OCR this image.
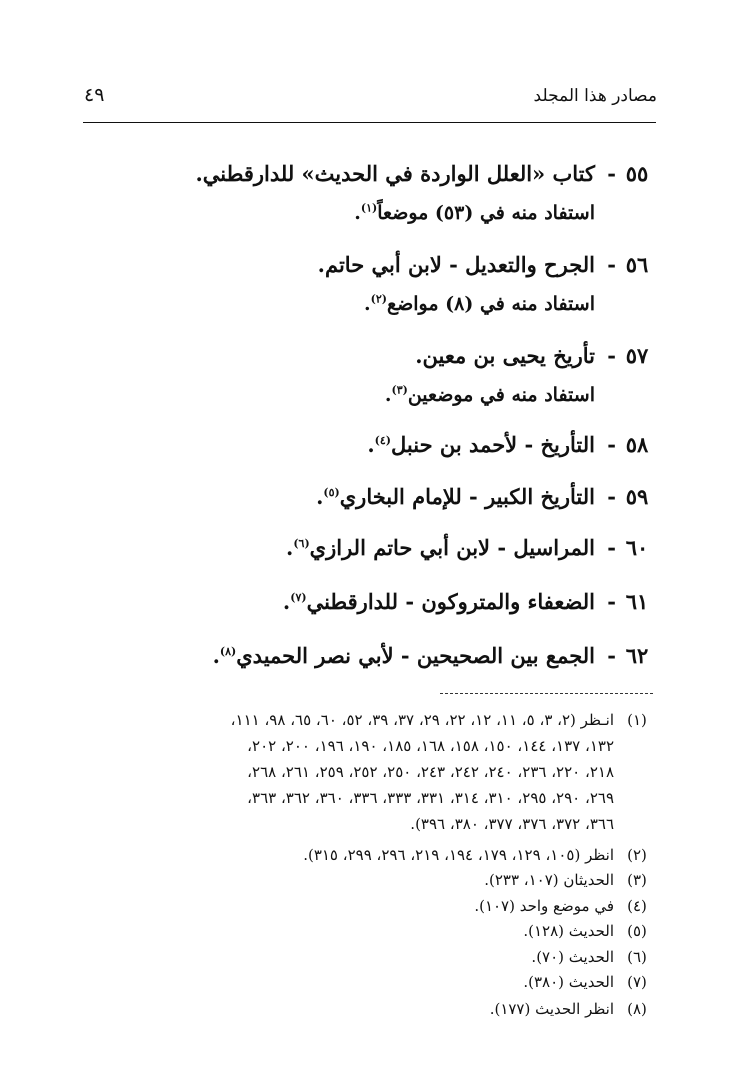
مصادر هذا المجلد
٤٩
٥٥
-
كتاب «العلل الواردة في الحديث» للدارقطني.
استفاد منه في (٥٣) موضعاً$^{(١)}$.
٥٦
-
الجرح والتعديل - لابن أبي حاتم.
استفاد منه في (٨) مواضع$^{(٢)}$.
٥٧
-
تأريخ يحيى بن معين.
استفاد منه في موضعين$^{(٣)}$.
٥٨
-
التأريخ - لأحمد بن حنبل$^{(٤)}$.
٥٩
-
التأريخ الكبير - للإمام البخاري$^{(٥)}$.
٦٠
-
المراسيل - لابن أبي حاتم الرازي$^{(٦)}$.
٦١
-
الضعفاء والمتروكون - للدارقطني$^{(٧)}$.
٦٢
-
الجمع بين الصحيحين - لأبي نصر الحميدي$^{(٨)}$.
(١)
انـظر (٢، ٣، ٥، ١١، ١٢، ٢٢، ٢٩، ٣٧، ٣٩، ٥٢، ٦٠، ٦٥، ٩٨، ١١١،
١٣٢، ١٣٧، ١٤٤، ١٥٠، ١٥٨، ١٦٨، ١٨٥، ١٩٠، ١٩٦، ٢٠٠، ٢٠٢،
٢١٨، ٢٢٠، ٢٣٦، ٢٤٠، ٢٤٢، ٢٤٣، ٢٥٠، ٢٥٢، ٢٥٩، ٢٦١، ٢٦٨،
٢٦٩، ٢٩٠، ٢٩٥، ٣١٠، ٣١٤، ٣٣١، ٣٣٣، ٣٣٦، ٣٦٠، ٣٦٢، ٣٦٣،
٣٦٦، ٣٧٢، ٣٧٦، ٣٧٧، ٣٨٠، ٣٩٦).
(٢)
انظر (١٠٥، ١٢٩، ١٧٩، ١٩٤، ٢١٩، ٢٩٦، ٢٩٩، ٣١٥).
(٣)
الحديثان (١٠٧، ٢٣٣).
(٤)
في موضع واحد (١٠٧).
(٥)
الحديث (١٢٨).
(٦)
الحديث (٧٠).
(٧)
الحديث (٣٨٠).
(٨)
انظر الحديث (١٧٧).
